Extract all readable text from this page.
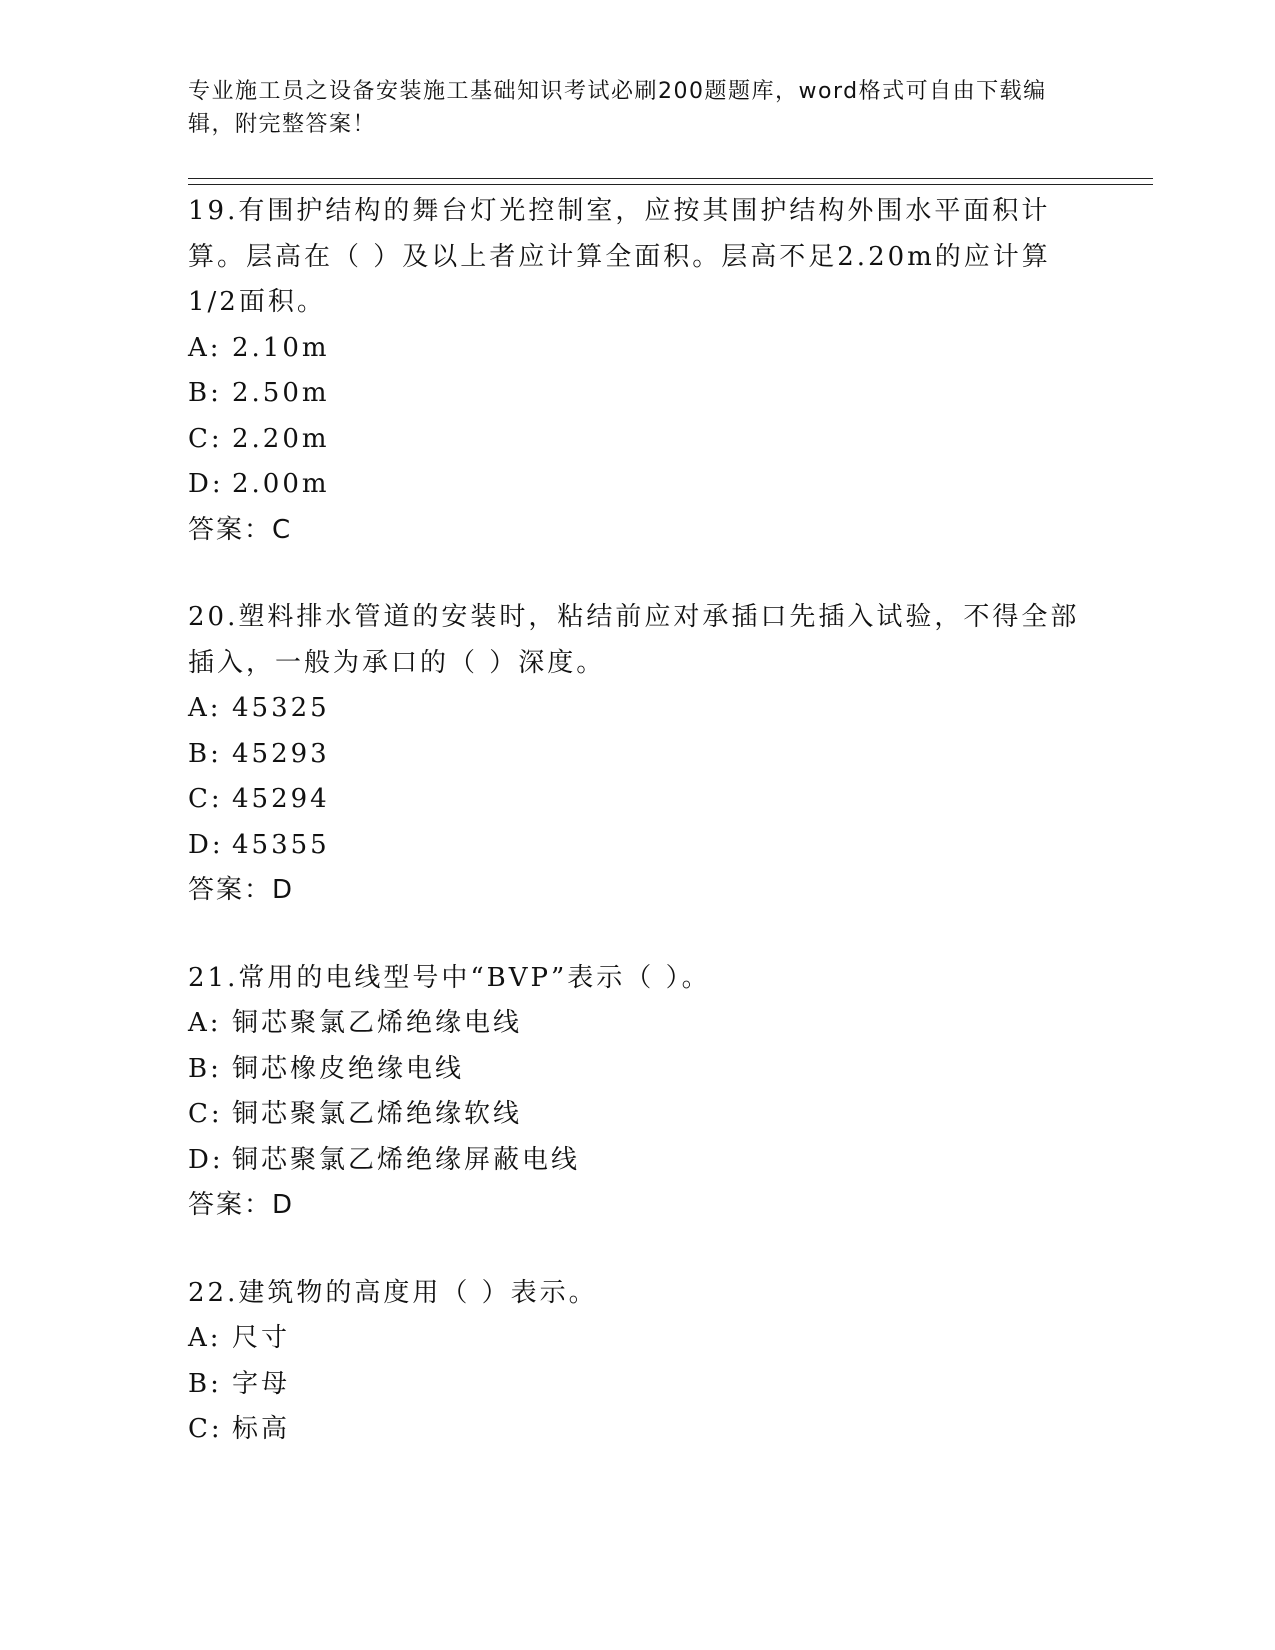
专业施工员之设备安装施工基础知识考试必刷200题题库，word格式可自由下载编辑，附完整答案！
19.有围护结构的舞台灯光控制室，应按其围护结构外围水平面积计算。层高在（ ）及以上者应计算全面积。层高不足2.20m的应计算1/2面积。
A: 2.10m
B: 2.50m
C: 2.20m
D: 2.00m
答案：C
20.塑料排水管道的安装时，粘结前应对承插口先插入试验，不得全部插入，一般为承口的（ ）深度。
A: 45325
B: 45293
C: 45294
D: 45355
答案：D
21.常用的电线型号中“BVP”表示（ ）。
A: 铜芯聚氯乙烯绝缘电线
B: 铜芯橡皮绝缘电线
C: 铜芯聚氯乙烯绝缘软线
D: 铜芯聚氯乙烯绝缘屏蔽电线
答案：D
22.建筑物的高度用（ ）表示。
A: 尺寸
B: 字母
C: 标高
